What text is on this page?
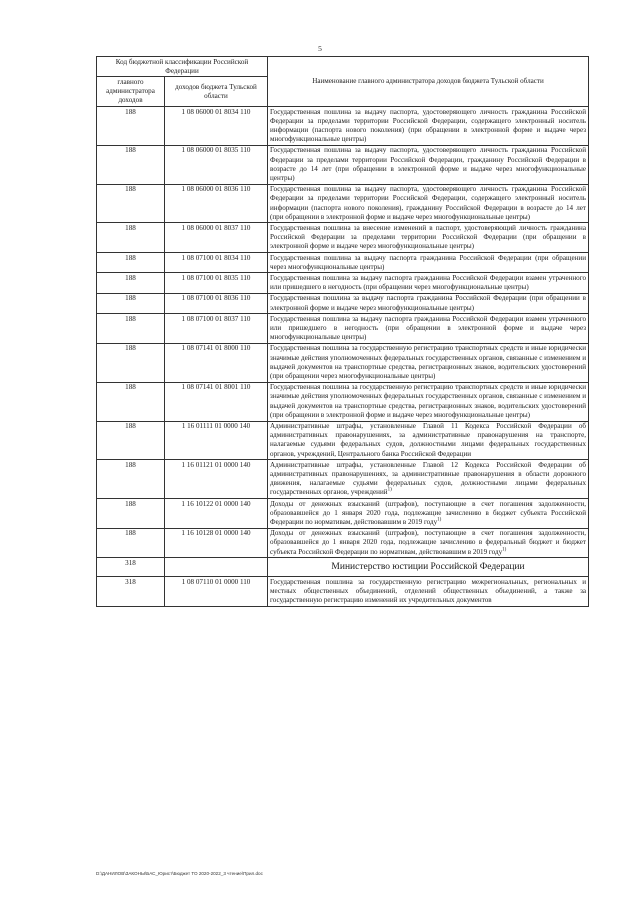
5
Код бюджетной классификации Российской Федерации		Наименование главного администратора доходов бюджета Тульской области
главного администратора доходов	доходов бюджета Тульской области	
188	1 08 06000 01 8034 110	Государственная пошлина за выдачу паспорта, удостоверяющего личность гражданина Российской Федерации за пределами территории Российской Федерации, содержащего электронный носитель информации (паспорта нового поколения) (при обращении в электронной форме и выдаче через многофункциональные центры)
188	1 08 06000 01 8035 110	Государственная пошлина за выдачу паспорта, удостоверяющего личность гражданина Российской Федерации за пределами территории Российской Федерации, гражданину Российской Федерации в возрасте до 14 лет (при обращении в электронной форме и выдаче через многофункциональные центры)
188	1 08 06000 01 8036 110	Государственная пошлина за выдачу паспорта, удостоверяющего личность гражданина Российской Федерации за пределами территории Российской Федерации, содержащего электронный носитель информации (паспорта нового поколения), гражданину Российской Федерации в возрасте до 14 лет (при обращении в электронной форме и выдаче через многофункциональные центры)
188	1 08 06000 01 8037 110	Государственная пошлина за внесение изменений в паспорт, удостоверяющий личность гражданина Российской Федерации за пределами территории Российской Федерации (при обращении в электронной форме и выдаче через многофункциональные центры)
188	1 08 07100 01 8034 110	Государственная пошлина за выдачу паспорта гражданина Российской Федерации (при обращении через многофункциональные центры)
188	1 08 07100 01 8035 110	Государственная пошлина за выдачу паспорта гражданина Российской Федерации взамен утраченного или пришедшего в негодность (при обращении через многофункциональные центры)
188	1 08 07100 01 8036 110	Государственная пошлина за выдачу паспорта гражданина Российской Федерации (при обращении в электронной форме и выдаче через многофункциональные центры)
188	1 08 07100 01 8037 110	Государственная пошлина за выдачу паспорта гражданина Российской Федерации взамен утраченного или пришедшего в негодность (при обращении в электронной форме и выдаче через многофункциональные центры)
188	1 08 07141 01 8000 110	Государственная пошлина за государственную регистрацию транспортных средств и иные юридически значимые действия уполномоченных федеральных государственных органов, связанные с изменением и выдачей документов на транспортные средства, регистрационных знаков, водительских удостоверений (при обращении через многофункциональные центры)
188	1 08 07141 01 8001 110	Государственная пошлина за государственную регистрацию транспортных средств и иные юридически значимые действия уполномоченных федеральных государственных органов, связанные с изменением и выдачей документов на транспортные средства, регистрационных знаков, водительских удостоверений (при обращении в электронной форме и выдаче через многофункциональные центры)
188	1 16 01111 01 0000 140	Административные штрафы, установленные Главой 11 Кодекса Российской Федерации об административных правонарушениях, за административные правонарушения на транспорте, налагаемые судьями федеральных судов, должностными лицами федеральных государственных органов, учреждений, Центрального банка Российской Федерации
188	1 16 01121 01 0000 140	Административные штрафы, установленные Главой 12 Кодекса Российской Федерации об административных правонарушениях, за административные правонарушения в области дорожного движения, налагаемые судьями федеральных судов, должностными лицами федеральных государственных органов, учреждений$^{1)}$
188	1 16 10122 01 0000 140	Доходы от денежных взысканий (штрафов), поступающие в счет погашения задолженности, образовавшейся до 1 января 2020 года, подлежащие зачислению в бюджет субъекта Российской Федерации по нормативам, действовавшим в 2019 году$^{1)}$
188	1 16 10128 01 0000 140	Доходы от денежных взысканий (штрафов), поступающие в счет погашения задолженности, образовавшейся до 1 января 2020 года, подлежащие зачислению в федеральный бюджет и бюджет субъекта Российской Федерации по нормативам, действовавшим в 2019 году$^{1)}$
318		Министерство юстиции Российской Федерации
318	1 08 07110 01 0000 110	Государственная пошлина за государственную регистрацию межрегиональных, региональных и местных общественных объединений, отделений общественных объединений, а также за государственную регистрацию изменений их учредительных документов
D:\ДАНИЛОВ\ЗАКОНЫ\БАС_Юрист\Бюджет ТО 2020-2022_3 чтение\Прил.doc
